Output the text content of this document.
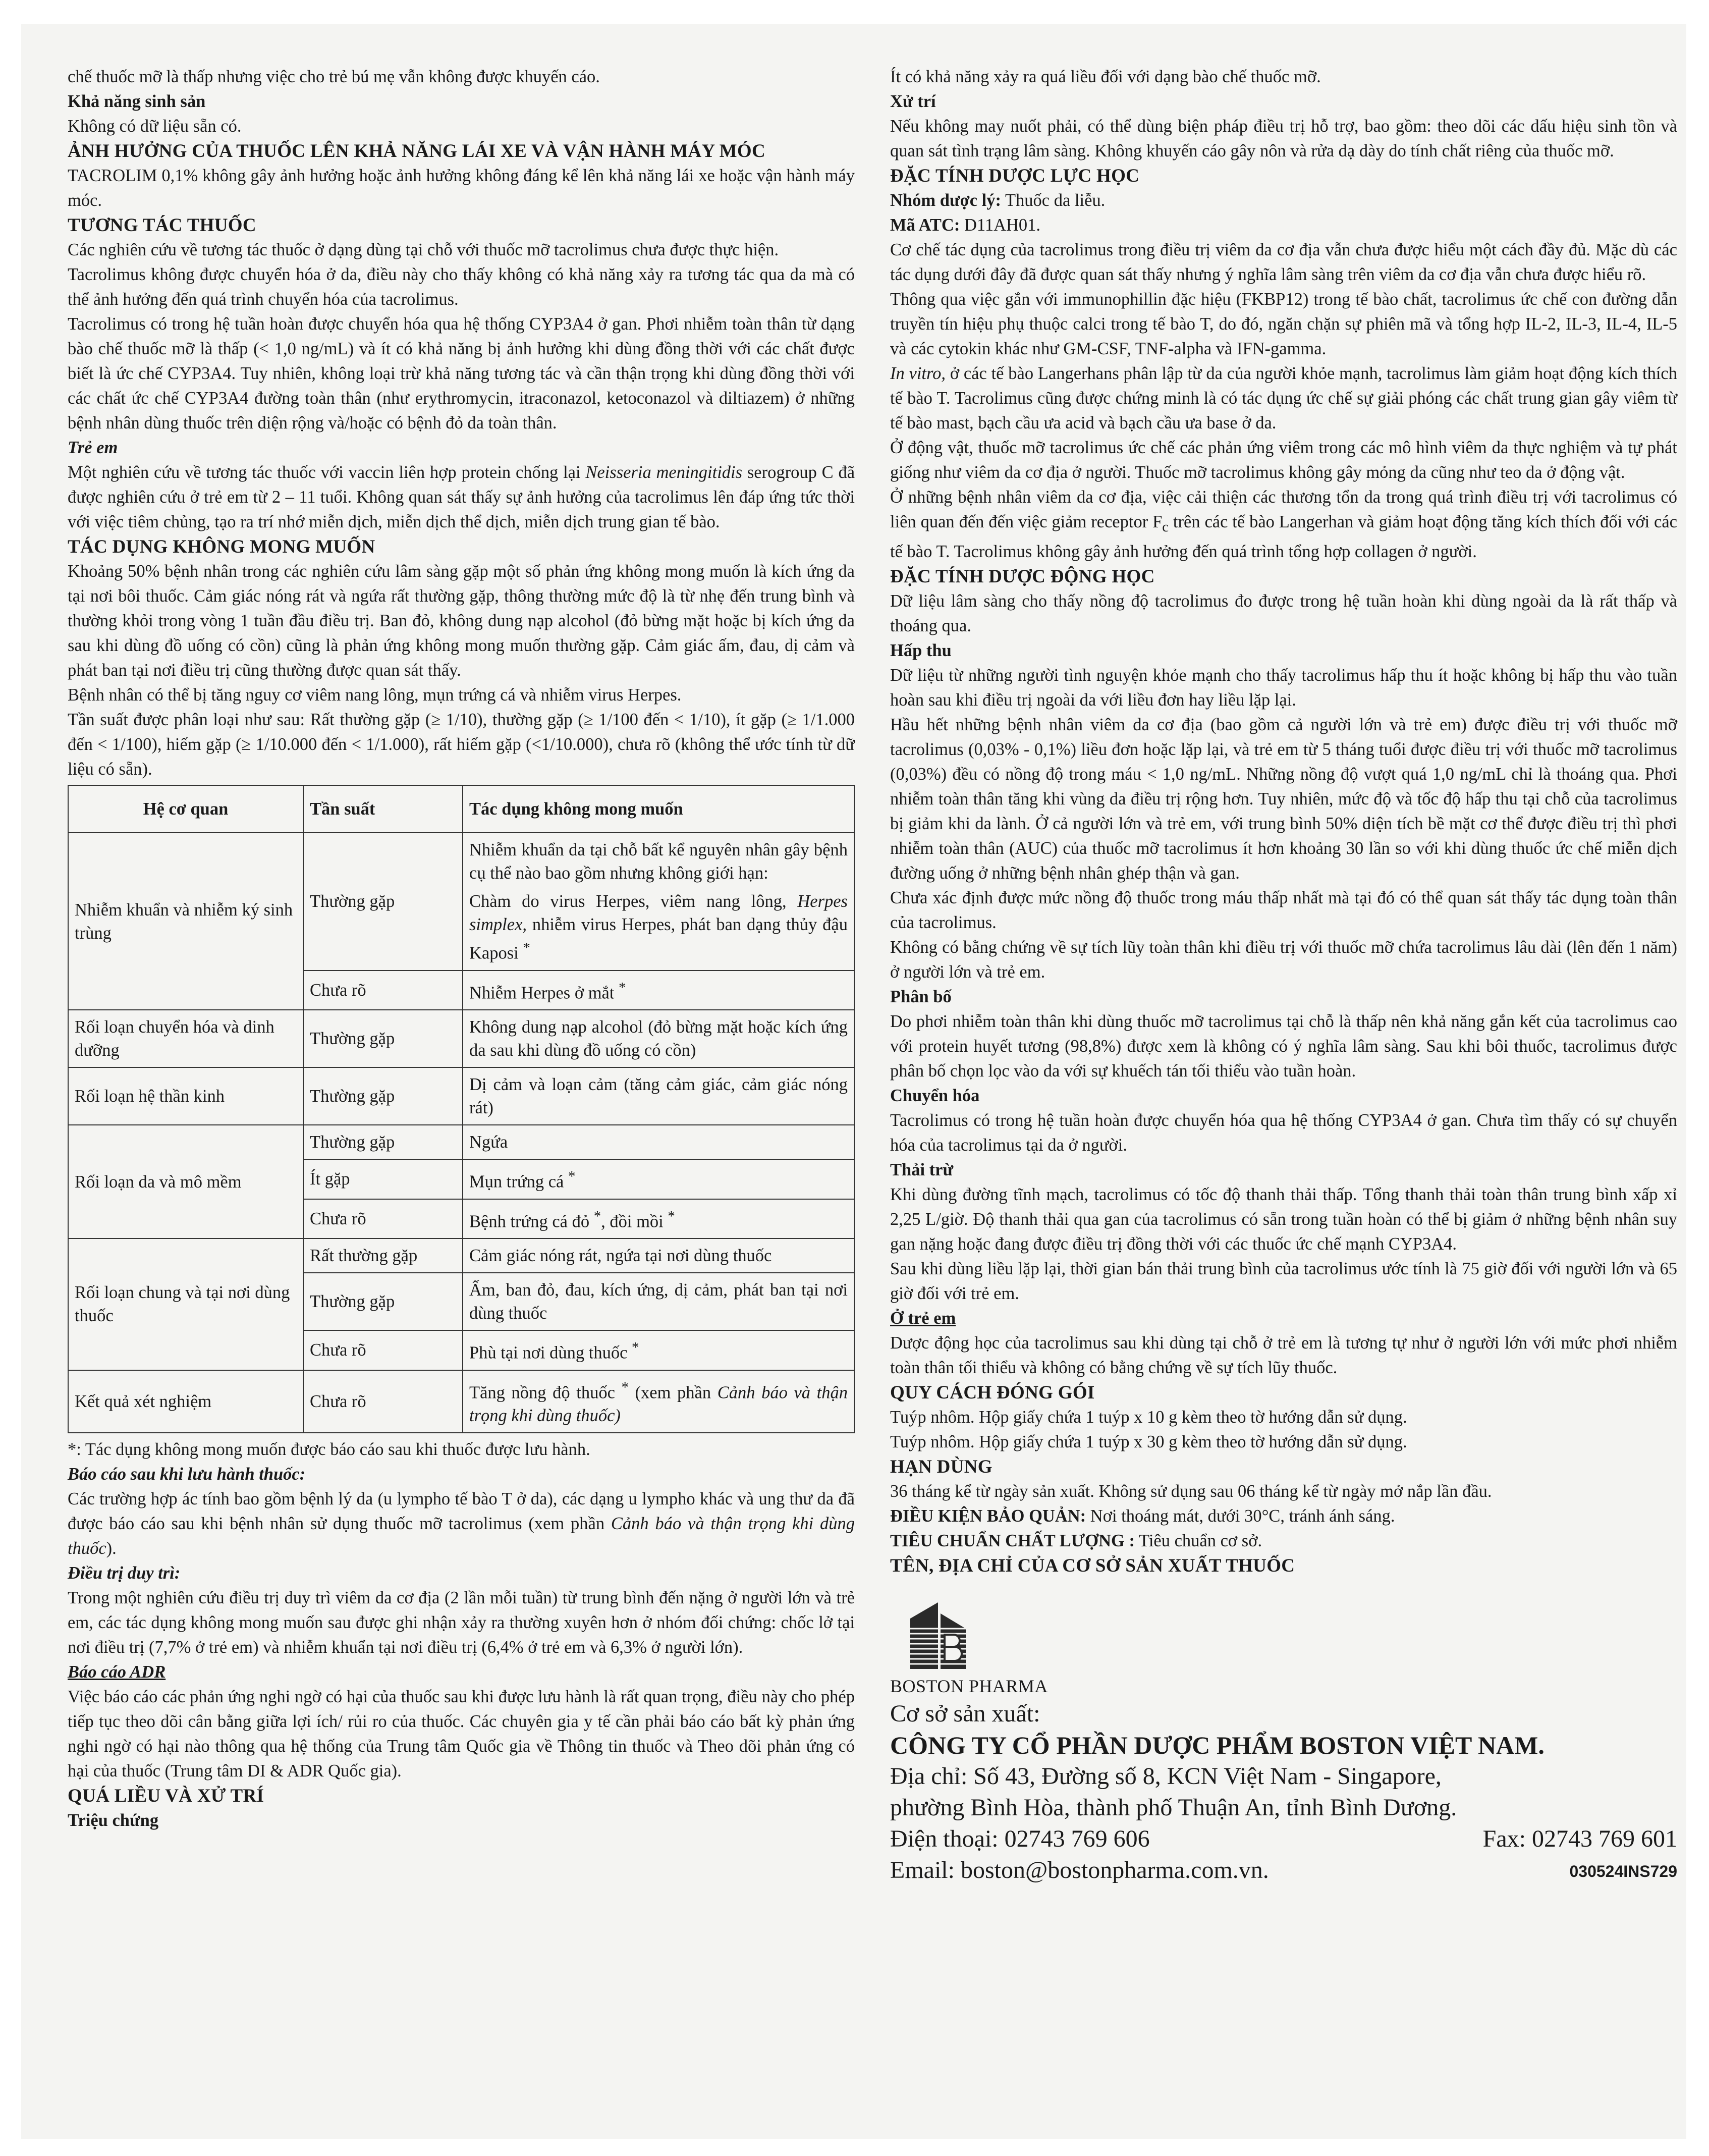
chế thuốc mỡ là thấp nhưng việc cho trẻ bú mẹ vẫn không được khuyến cáo.

Khả năng sinh sản

Không có dữ liệu sẵn có.

ẢNH HƯỞNG CỦA THUỐC LÊN KHẢ NĂNG LÁI XE VÀ VẬN HÀNH MÁY MÓC

TACROLIM 0,1% không gây ảnh hưởng hoặc ảnh hưởng không đáng kể lên khả năng lái xe hoặc vận hành máy móc.

TƯƠNG TÁC THUỐC

Các nghiên cứu về tương tác thuốc ở dạng dùng tại chỗ với thuốc mỡ tacrolimus chưa được thực hiện.

Tacrolimus không được chuyển hóa ở da, điều này cho thấy không có khả năng xảy ra tương tác qua da mà có thể ảnh hưởng đến quá trình chuyển hóa của tacrolimus.

Tacrolimus có trong hệ tuần hoàn được chuyển hóa qua hệ thống CYP3A4 ở gan. Phơi nhiễm toàn thân từ dạng bào chế thuốc mỡ là thấp (< 1,0 ng/mL) và ít có khả năng bị ảnh hưởng khi dùng đồng thời với các chất được biết là ức chế CYP3A4. Tuy nhiên, không loại trừ khả năng tương tác và cần thận trọng khi dùng đồng thời với các chất ức chế CYP3A4 đường toàn thân (như erythromycin, itraconazol, ketoconazol và diltiazem) ở những bệnh nhân dùng thuốc trên diện rộng và/hoặc có bệnh đỏ da toàn thân.

Trẻ em

Một nghiên cứu về tương tác thuốc với vaccin liên hợp protein chống lại Neisseria meningitidis serogroup C đã được nghiên cứu ở trẻ em từ 2 – 11 tuổi. Không quan sát thấy sự ảnh hưởng của tacrolimus lên đáp ứng tức thời với việc tiêm chủng, tạo ra trí nhớ miễn dịch, miễn dịch thể dịch, miễn dịch trung gian tế bào.

TÁC DỤNG KHÔNG MONG MUỐN

Khoảng 50% bệnh nhân trong các nghiên cứu lâm sàng gặp một số phản ứng không mong muốn là kích ứng da tại nơi bôi thuốc. Cảm giác nóng rát và ngứa rất thường gặp, thông thường mức độ là từ nhẹ đến trung bình và thường khỏi trong vòng 1 tuần đầu điều trị. Ban đỏ, không dung nạp alcohol (đỏ bừng mặt hoặc bị kích ứng da sau khi dùng đồ uống có cồn) cũng là phản ứng không mong muốn thường gặp. Cảm giác ấm, đau, dị cảm và phát ban tại nơi điều trị cũng thường được quan sát thấy.

Bệnh nhân có thể bị tăng nguy cơ viêm nang lông, mụn trứng cá và nhiễm virus Herpes.

Tần suất được phân loại như sau: Rất thường gặp (≥ 1/10), thường gặp (≥ 1/100 đến < 1/10), ít gặp (≥ 1/1.000 đến < 1/100), hiếm gặp (≥ 1/10.000 đến < 1/1.000), rất hiếm gặp (<1/10.000), chưa rõ (không thể ước tính từ dữ liệu có sẵn).

Hệ cơ quan	Tần suất	Tác dụng không mong muốn
Nhiễm khuẩn và nhiễm ký sinh trùng	Thường gặp	Nhiễm khuẩn da tại chỗ bất kể nguyên nhân gây bệnh cụ thể nào bao gồm nhưng không giới hạn:
Chàm do virus Herpes, viêm nang lông, Herpes simplex, nhiễm virus Herpes, phát ban dạng thủy đậu Kaposi *
	Chưa rõ	Nhiễm Herpes ở mắt *
Rối loạn chuyển hóa và dinh dưỡng	Thường gặp	Không dung nạp alcohol (đỏ bừng mặt hoặc kích ứng da sau khi dùng đồ uống có cồn)
Rối loạn hệ thần kinh	Thường gặp	Dị cảm và loạn cảm (tăng cảm giác, cảm giác nóng rát)
Rối loạn da và mô mềm	Thường gặp	Ngứa
	Ít gặp	Mụn trứng cá *
	Chưa rõ	Bệnh trứng cá đỏ *, đồi mồi *
Rối loạn chung và tại nơi dùng thuốc	Rất thường gặp	Cảm giác nóng rát, ngứa tại nơi dùng thuốc
	Thường gặp	Ấm, ban đỏ, đau, kích ứng, dị cảm, phát ban tại nơi dùng thuốc
	Chưa rõ	Phù tại nơi dùng thuốc *
Kết quả xét nghiệm	Chưa rõ	Tăng nồng độ thuốc * (xem phần Cảnh báo và thận trọng khi dùng thuốc)

*: Tác dụng không mong muốn được báo cáo sau khi thuốc được lưu hành.

Báo cáo sau khi lưu hành thuốc:

Các trường hợp ác tính bao gồm bệnh lý da (u lympho tế bào T ở da), các dạng u lympho khác và ung thư da đã được báo cáo sau khi bệnh nhân sử dụng thuốc mỡ tacrolimus (xem phần Cảnh báo và thận trọng khi dùng thuốc).

Điều trị duy trì:

Trong một nghiên cứu điều trị duy trì viêm da cơ địa (2 lần mỗi tuần) từ trung bình đến nặng ở người lớn và trẻ em, các tác dụng không mong muốn sau được ghi nhận xảy ra thường xuyên hơn ở nhóm đối chứng: chốc lở tại nơi điều trị (7,7% ở trẻ em) và nhiễm khuẩn tại nơi điều trị (6,4% ở trẻ em và 6,3% ở người lớn).

Báo cáo ADR

Việc báo cáo các phản ứng nghi ngờ có hại của thuốc sau khi được lưu hành là rất quan trọng, điều này cho phép tiếp tục theo dõi cân bằng giữa lợi ích/ rủi ro của thuốc. Các chuyên gia y tế cần phải báo cáo bất kỳ phản ứng nghi ngờ có hại nào thông qua hệ thống của Trung tâm Quốc gia về Thông tin thuốc và Theo dõi phản ứng có hại của thuốc (Trung tâm DI & ADR Quốc gia).

QUÁ LIỀU VÀ XỬ TRÍ

Triệu chứng

Ít có khả năng xảy ra quá liều đối với dạng bào chế thuốc mỡ.

Xử trí

Nếu không may nuốt phải, có thể dùng biện pháp điều trị hỗ trợ, bao gồm: theo dõi các dấu hiệu sinh tồn và quan sát tình trạng lâm sàng. Không khuyến cáo gây nôn và rửa dạ dày do tính chất riêng của thuốc mỡ.

ĐẶC TÍNH DƯỢC LỰC HỌC

Nhóm dược lý: Thuốc da liễu.

Mã ATC: D11AH01.

Cơ chế tác dụng của tacrolimus trong điều trị viêm da cơ địa vẫn chưa được hiểu một cách đầy đủ. Mặc dù các tác dụng dưới đây đã được quan sát thấy nhưng ý nghĩa lâm sàng trên viêm da cơ địa vẫn chưa được hiểu rõ.

Thông qua việc gắn với immunophillin đặc hiệu (FKBP12) trong tế bào chất, tacrolimus ức chế con đường dẫn truyền tín hiệu phụ thuộc calci trong tế bào T, do đó, ngăn chặn sự phiên mã và tổng hợp IL-2, IL-3, IL-4, IL-5 và các cytokin khác như GM-CSF, TNF-alpha và IFN-gamma.

In vitro, ở các tế bào Langerhans phân lập từ da của người khỏe mạnh, tacrolimus làm giảm hoạt động kích thích tế bào T. Tacrolimus cũng được chứng minh là có tác dụng ức chế sự giải phóng các chất trung gian gây viêm từ tế bào mast, bạch cầu ưa acid và bạch cầu ưa base ở da.

Ở động vật, thuốc mỡ tacrolimus ức chế các phản ứng viêm trong các mô hình viêm da thực nghiệm và tự phát giống như viêm da cơ địa ở người. Thuốc mỡ tacrolimus không gây mỏng da cũng như teo da ở động vật.

Ở những bệnh nhân viêm da cơ địa, việc cải thiện các thương tổn da trong quá trình điều trị với tacrolimus có liên quan đến đến việc giảm receptor $F_c$ trên các tế bào Langerhan và giảm hoạt động tăng kích thích đối với các tế bào T. Tacrolimus không gây ảnh hưởng đến quá trình tổng hợp collagen ở người.

ĐẶC TÍNH DƯỢC ĐỘNG HỌC

Dữ liệu lâm sàng cho thấy nồng độ tacrolimus đo được trong hệ tuần hoàn khi dùng ngoài da là rất thấp và thoáng qua.

Hấp thu

Dữ liệu từ những người tình nguyện khỏe mạnh cho thấy tacrolimus hấp thu ít hoặc không bị hấp thu vào tuần hoàn sau khi điều trị ngoài da với liều đơn hay liều lặp lại.

Hầu hết những bệnh nhân viêm da cơ địa (bao gồm cả người lớn và trẻ em) được điều trị với thuốc mỡ tacrolimus (0,03% - 0,1%) liều đơn hoặc lặp lại, và trẻ em từ 5 tháng tuổi được điều trị với thuốc mỡ tacrolimus (0,03%) đều có nồng độ trong máu < 1,0 ng/mL. Những nồng độ vượt quá 1,0 ng/mL chỉ là thoáng qua. Phơi nhiễm toàn thân tăng khi vùng da điều trị rộng hơn. Tuy nhiên, mức độ và tốc độ hấp thu tại chỗ của tacrolimus bị giảm khi da lành. Ở cả người lớn và trẻ em, với trung bình 50% diện tích bề mặt cơ thể được điều trị thì phơi nhiễm toàn thân (AUC) của thuốc mỡ tacrolimus ít hơn khoảng 30 lần so với khi dùng thuốc ức chế miễn dịch đường uống ở những bệnh nhân ghép thận và gan.

Chưa xác định được mức nồng độ thuốc trong máu thấp nhất mà tại đó có thể quan sát thấy tác dụng toàn thân của tacrolimus.

Không có bằng chứng về sự tích lũy toàn thân khi điều trị với thuốc mỡ chứa tacrolimus lâu dài (lên đến 1 năm) ở người lớn và trẻ em.

Phân bố

Do phơi nhiễm toàn thân khi dùng thuốc mỡ tacrolimus tại chỗ là thấp nên khả năng gắn kết của tacrolimus cao với protein huyết tương (98,8%) được xem là không có ý nghĩa lâm sàng. Sau khi bôi thuốc, tacrolimus được phân bố chọn lọc vào da với sự khuếch tán tối thiểu vào tuần hoàn.

Chuyển hóa

Tacrolimus có trong hệ tuần hoàn được chuyển hóa qua hệ thống CYP3A4 ở gan. Chưa tìm thấy có sự chuyển hóa của tacrolimus tại da ở người.

Thải trừ

Khi dùng đường tĩnh mạch, tacrolimus có tốc độ thanh thải thấp. Tổng thanh thải toàn thân trung bình xấp xỉ 2,25 L/giờ. Độ thanh thải qua gan của tacrolimus có sẵn trong tuần hoàn có thể bị giảm ở những bệnh nhân suy gan nặng hoặc đang được điều trị đồng thời với các thuốc ức chế mạnh CYP3A4.

Sau khi dùng liều lặp lại, thời gian bán thải trung bình của tacrolimus ước tính là 75 giờ đối với người lớn và 65 giờ đối với trẻ em.

Ở trẻ em

Dược động học của tacrolimus sau khi dùng tại chỗ ở trẻ em là tương tự như ở người lớn với mức phơi nhiễm toàn thân tối thiểu và không có bằng chứng về sự tích lũy thuốc.

QUY CÁCH ĐÓNG GÓI

Tuýp nhôm. Hộp giấy chứa 1 tuýp x 10 g kèm theo tờ hướng dẫn sử dụng.

Tuýp nhôm. Hộp giấy chứa 1 tuýp x 30 g kèm theo tờ hướng dẫn sử dụng.

HẠN DÙNG

36 tháng kể từ ngày sản xuất. Không sử dụng sau 06 tháng kể từ ngày mở nắp lần đầu.

ĐIỀU KIỆN BẢO QUẢN: Nơi thoáng mát, dưới 30°C, tránh ánh sáng.

TIÊU CHUẨN CHẤT LƯỢNG : Tiêu chuẩn cơ sở.

TÊN, ĐỊA CHỈ CỦA CƠ SỞ SẢN XUẤT THUỐC

BOSTON PHARMA
Cơ sở sản xuất:
CÔNG TY CỔ PHẦN DƯỢC PHẨM BOSTON VIỆT NAM.
Địa chỉ: Số 43, Đường số 8, KCN Việt Nam - Singapore,
phường Bình Hòa, thành phố Thuận An, tỉnh Bình Dương.
Điện thoại: 02743 769 606	Fax: 02743 769 601
Email: boston@bostonpharma.com.vn.	030524INS729
